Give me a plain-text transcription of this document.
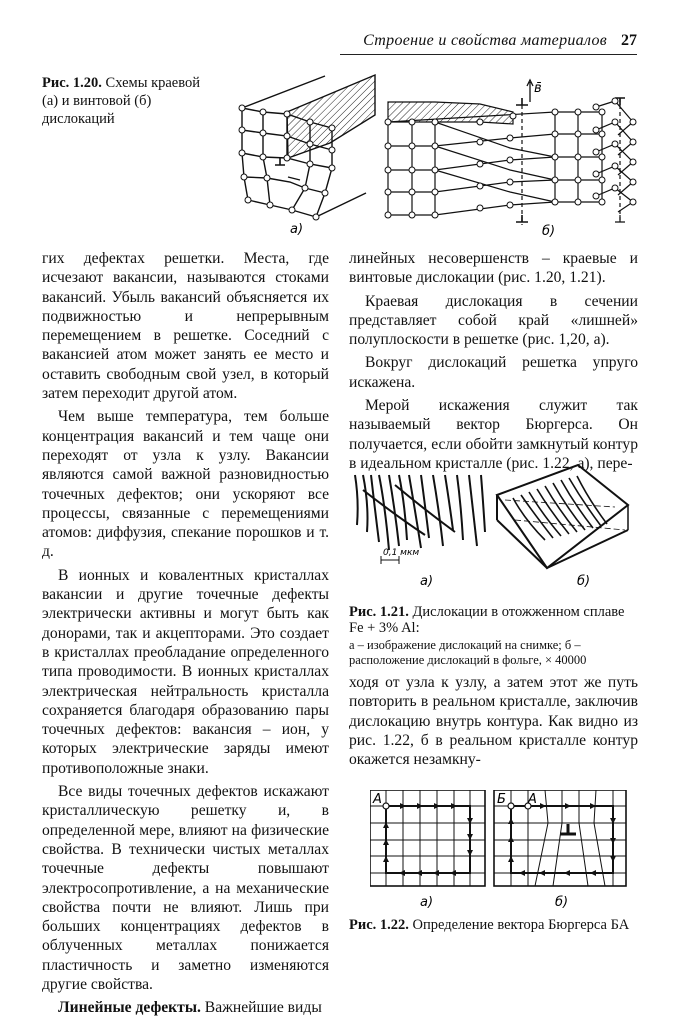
Строение и свойства материалов 27
Рис. 1.20. Схемы краевой (а) и винтовой (б) дислокаций
а)
в̄
б)

гих дефектах решетки. Места, где исчезают вакансии, называются стоками вакансий. Убыль вакансий объясняется их подвижностью и непрерывным перемещением в решетке. Соседний с вакансией атом может занять ее место и оставить свободным свой узел, в который затем переходит другой атом.

Чем выше температура, тем больше концентрация вакансий и тем чаще они переходят от узла к узлу. Вакансии являются самой важной разновидностью точечных дефектов; они ускоряют все процессы, связанные с перемещениями атомов: диффузия, спекание порошков и т. д.

В ионных и ковалентных кристаллах вакансии и другие точечные дефекты электрически активны и могут быть как донорами, так и акцепторами. Это создает в кристаллах преобладание определенного типа проводимости. В ионных кристаллах электрическая нейтральность кристалла сохраняется благодаря образованию пары точечных дефектов: вакансия – ион, у которых электрические заряды имеют противоположные знаки.

Все виды точечных дефектов искажают кристаллическую решетку и, в определенной мере, влияют на физические свойства. В технически чистых металлах точечные дефекты повышают электросопротивление, а на механические свойства почти не влияют. Лишь при больших концентрациях дефектов в облученных металлах понижается пластичность и заметно изменяются другие свойства.

Линейные дефекты. Важнейшие виды

линейных несовершенств – краевые и винтовые дислокации (рис. 1.20, 1.21).

Краевая дислокация в сечении представляет собой край «лишней» полуплоскости в решетке (рис. 1,20, а).

Вокруг дислокаций решетка упруго искажена.

Мерой искажения служит так называемый вектор Бюргерса. Он получается, если обойти замкнутый контур в идеальном кристалле (рис. 1.22, а), пере-

0,1 мкм
а)	б)
Рис. 1.21. Дислокации в отожженном сплаве Fe + 3% Al:
а – изображение дислокаций на снимке; б – расположение дислокаций в фольге, × 40000

ходя от узла к узлу, а затем этот же путь повторить в реальном кристалле, заключив дислокацию внутрь контура. Как видно из рис. 1.22, б в реальном кристалле контур окажется незамкну-

А
а)
Б А
б)
Рис. 1.22. Определение вектора Бюргерса БА
